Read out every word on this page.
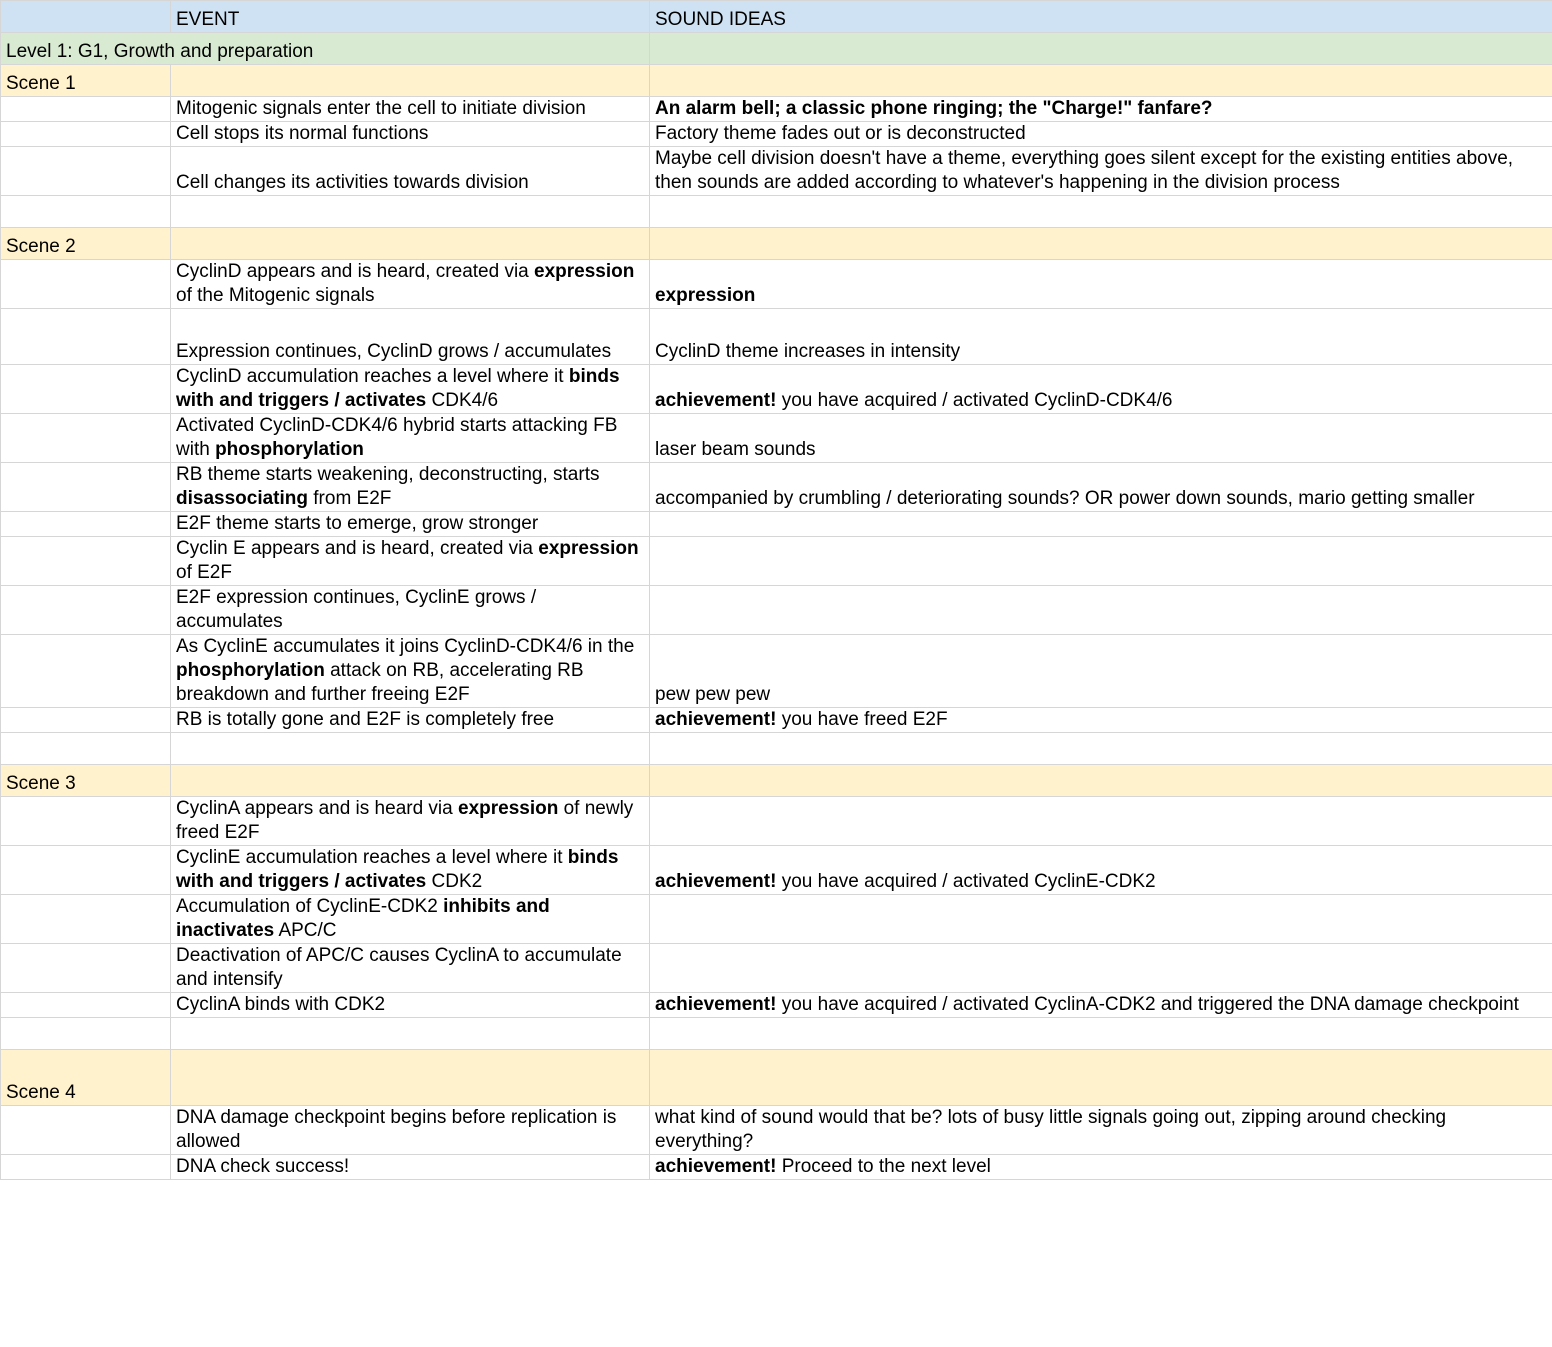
	EVENT	SOUND IDEAS
Level 1: G1, Growth and preparation		
Scene 1		
	Mitogenic signals enter the cell to initiate division	An alarm bell; a classic phone ringing; the "Charge!" fanfare?
	Cell stops its normal functions	Factory theme fades out or is deconstructed
	Cell changes its activities towards division	Maybe cell division doesn't have a theme, everything goes silent except for the existing entities above, then sounds are added according to whatever's happening in the division process

Scene 2		
	CyclinD appears and is heard, created via expression of the Mitogenic signals	expression
	Expression continues, CyclinD grows / accumulates	CyclinD theme increases in intensity
	CyclinD accumulation reaches a level where it binds with and triggers / activates CDK4/6	achievement! you have acquired / activated CyclinD-CDK4/6
	Activated CyclinD-CDK4/6 hybrid starts attacking FB with phosphorylation	laser beam sounds
	RB theme starts weakening, deconstructing, starts disassociating from E2F	accompanied by crumbling / deteriorating sounds? OR power down sounds, mario getting smaller
	E2F theme starts to emerge, grow stronger	
	Cyclin E appears and is heard, created via expression of E2F	
	E2F expression continues, CyclinE grows / accumulates	
	As CyclinE accumulates it joins CyclinD-CDK4/6 in the phosphorylation attack on RB, accelerating RB breakdown and further freeing E2F	pew pew pew
	RB is totally gone and E2F is completely free	achievement! you have freed E2F

Scene 3		
	CyclinA appears and is heard via expression of newly freed E2F	
	CyclinE accumulation reaches a level where it binds with and triggers / activates CDK2	achievement! you have acquired / activated CyclinE-CDK2
	Accumulation of CyclinE-CDK2 inhibits and inactivates APC/C	
	Deactivation of APC/C causes CyclinA to accumulate and intensify	
	CyclinA binds with CDK2	achievement! you have acquired / activated CyclinA-CDK2 and triggered the DNA damage checkpoint

Scene 4		
	DNA damage checkpoint begins before replication is allowed	what kind of sound would that be? lots of busy little signals going out, zipping around checking everything?
	DNA check success!	achievement! Proceed to the next level
